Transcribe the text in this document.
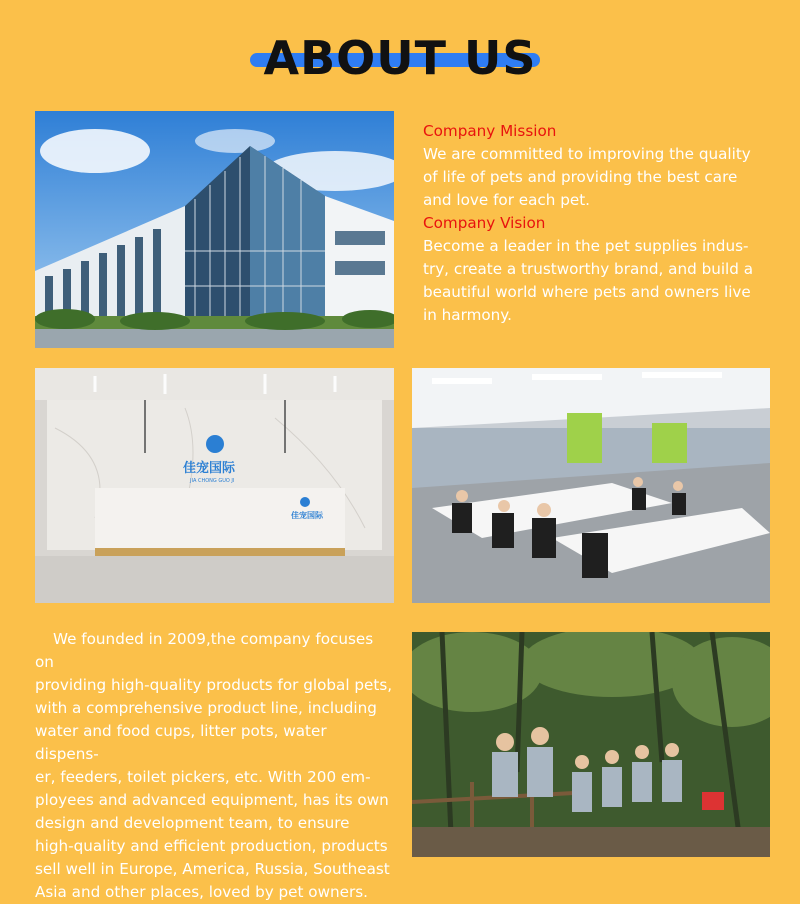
ABOUT US
Company Mission
We are committed to improving the quality
of life of pets and providing the best care
and love for each pet.
Company Vision
Become a leader in the pet supplies indus-
try, create a trustworthy brand, and build a
beautiful world where pets and owners live
in harmony.
佳宠国际
JIA CHONG GUO JI
佳宠国际
We founded in 2009,the company focuses on
providing high-quality products for global pets,
with a comprehensive product line, including
water and food cups, litter pots, water dispens-
er, feeders, toilet pickers, etc. With 200 em-
ployees and advanced equipment, has its own
design and development team, to ensure
high-quality and efficient production, products
sell well in Europe, America, Russia, Southeast
Asia and other places, loved by pet owners.
